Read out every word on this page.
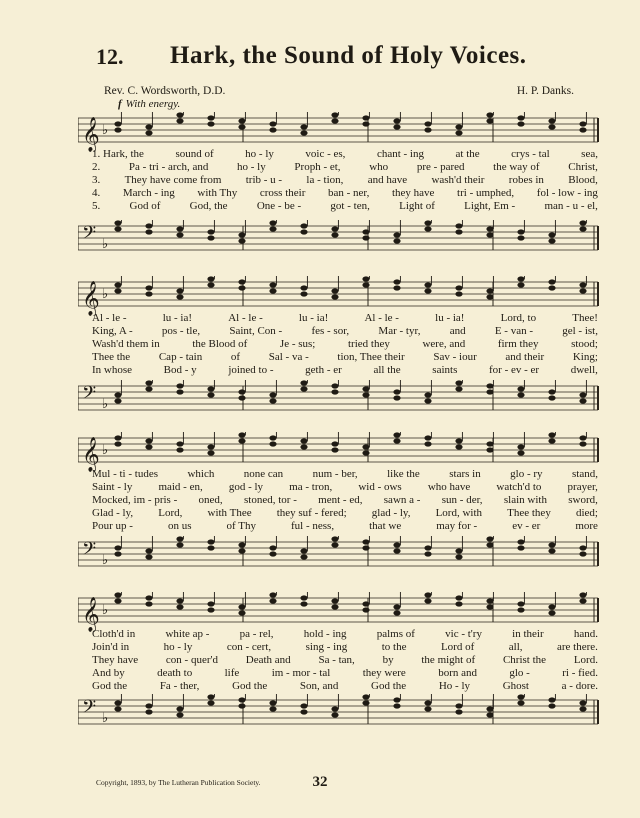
12. Hark, the Sound of Holy Voices.
Rev. C. Wordsworth, D.D.	H. P. Danks.
f With energy.
𝄞 ♭
1. Hark, the	sound of	ho - ly	voic - es,	chant - ing	at the	crys - tal	sea,
2.	Pa - tri - arch, and	ho - ly	Proph - et,	who	pre - pared	the way of	Christ,
3. They have come from trib - u - la - tion, and have wash'd their robes in Blood,
4. March - ing with Thy cross their ban - ner, they have tri - umphed, fol - low - ing
5.	God of	God, the	One - be -	got - ten,	Light of	Light, Em -	man - u - el,
𝄢 ♭
𝄞 ♭
Al - le -	lu - ia!	Al - le -	lu - ia!	Al - le -	lu - ia!	Lord, to	Thee!
King, A -	pos - tle,	Saint, Con -	fes - sor,	Mar - tyr,	and	E - van -	gel - ist,
Wash'd them in	the Blood of	Je - sus;	tried they	were, and	firm they	stood;
Thee the	Cap - tain	of	Sal - va -	tion, Thee their	Sav - iour	and their	King;
In whose	Bod - y	joined to -	geth - er	all the	saints	for - ev - er	dwell,
𝄢 ♭
𝄞 ♭
Mul - ti - tudes	which	none can	num - ber,	like the	stars in	glo - ry	stand,
Saint - ly maid - en, god - ly ma - tron, wid - ows who have watch'd to prayer,
Mocked, im - pris - oned, stoned, tor - ment - ed, sawn a - sun - der, slain with sword,
Glad - ly, Lord, with Thee they suf - fered; glad - ly, Lord, with Thee they died;
Pour up -	on us	of Thy	ful - ness,	that we	may for -	ev - er	more
𝄢 ♭
𝄞 ♭
Cloth'd in	white ap -	pa - rel,	hold - ing	palms of	vic - t'ry	in their	hand.
Join'd in	ho - ly	con - cert,	sing - ing	to the	Lord of	all,	are there.
They have	con - quer'd	Death and	Sa - tan,	by	the might of	Christ the	Lord.
And by	death to	life	im - mor - tal	they were	born and	glo -	ri - fied.
God the	Fa - ther,	God the	Son, and	God the	Ho - ly	Ghost	a - dore.
𝄢 ♭
Copyright, 1893, by The Lutheran Publication Society.	32
